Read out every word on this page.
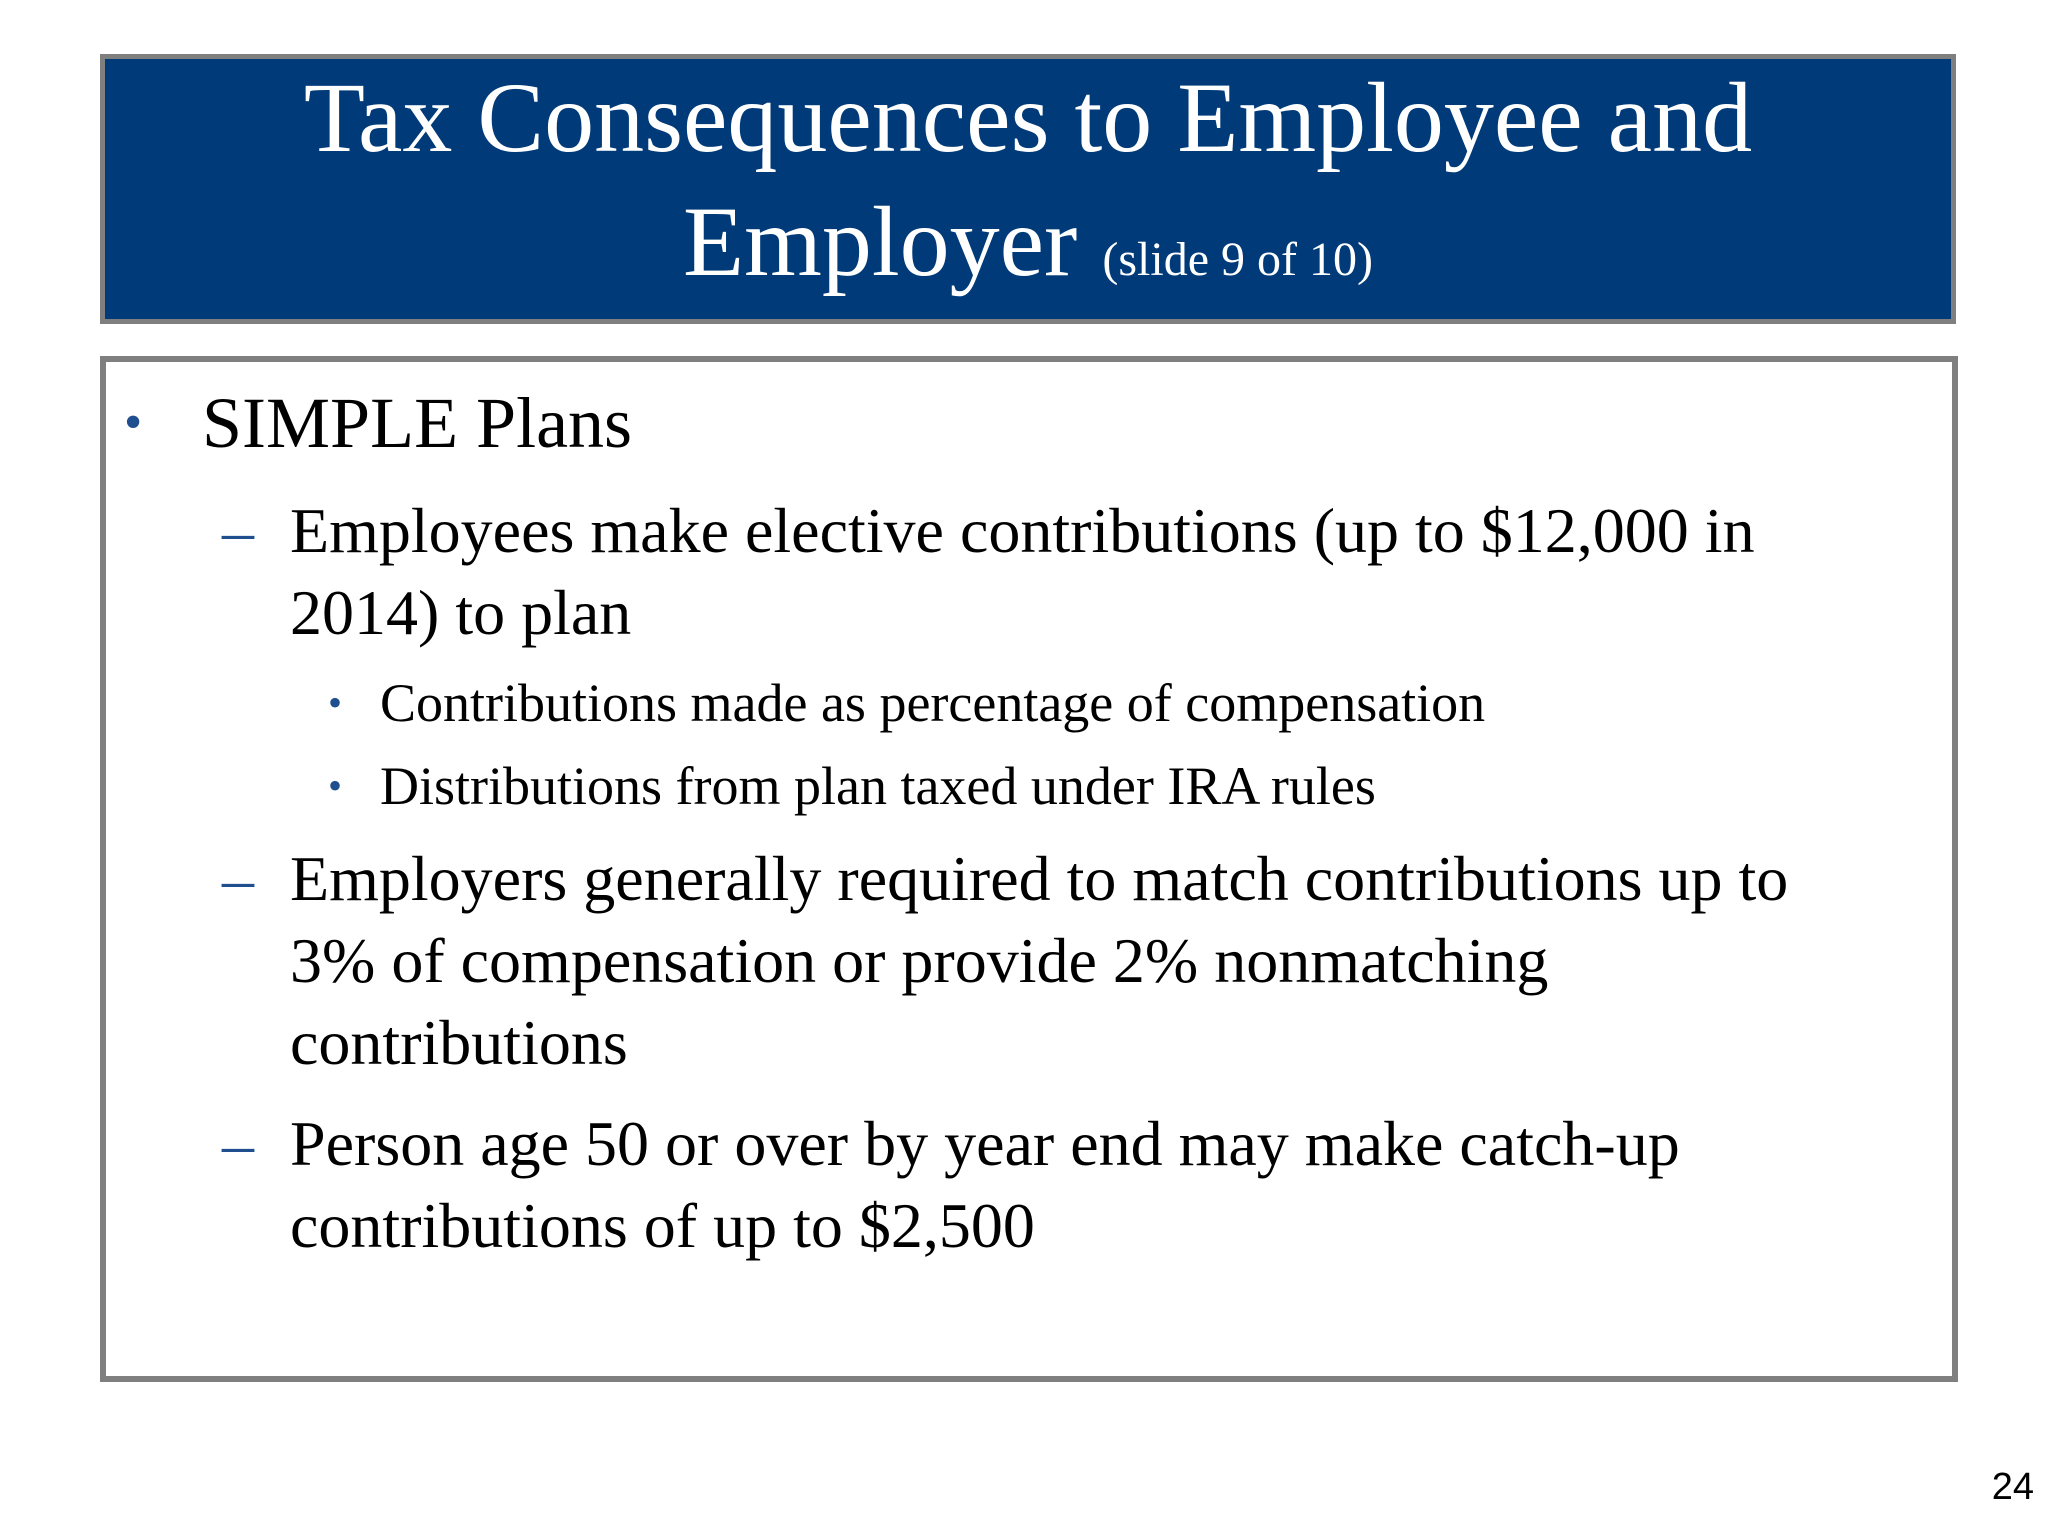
Tax Consequences to Employee and
Employer (slide 9 of 10)
• SIMPLE Plans
– Employees make elective contributions (up to $12,000 in
2014) to plan
• Contributions made as percentage of compensation
• Distributions from plan taxed under IRA rules
– Employers generally required to match contributions up to
3% of compensation or provide 2% nonmatching
contributions
– Person age 50 or over by year end may make catch-up
contributions of up to $2,500
24
